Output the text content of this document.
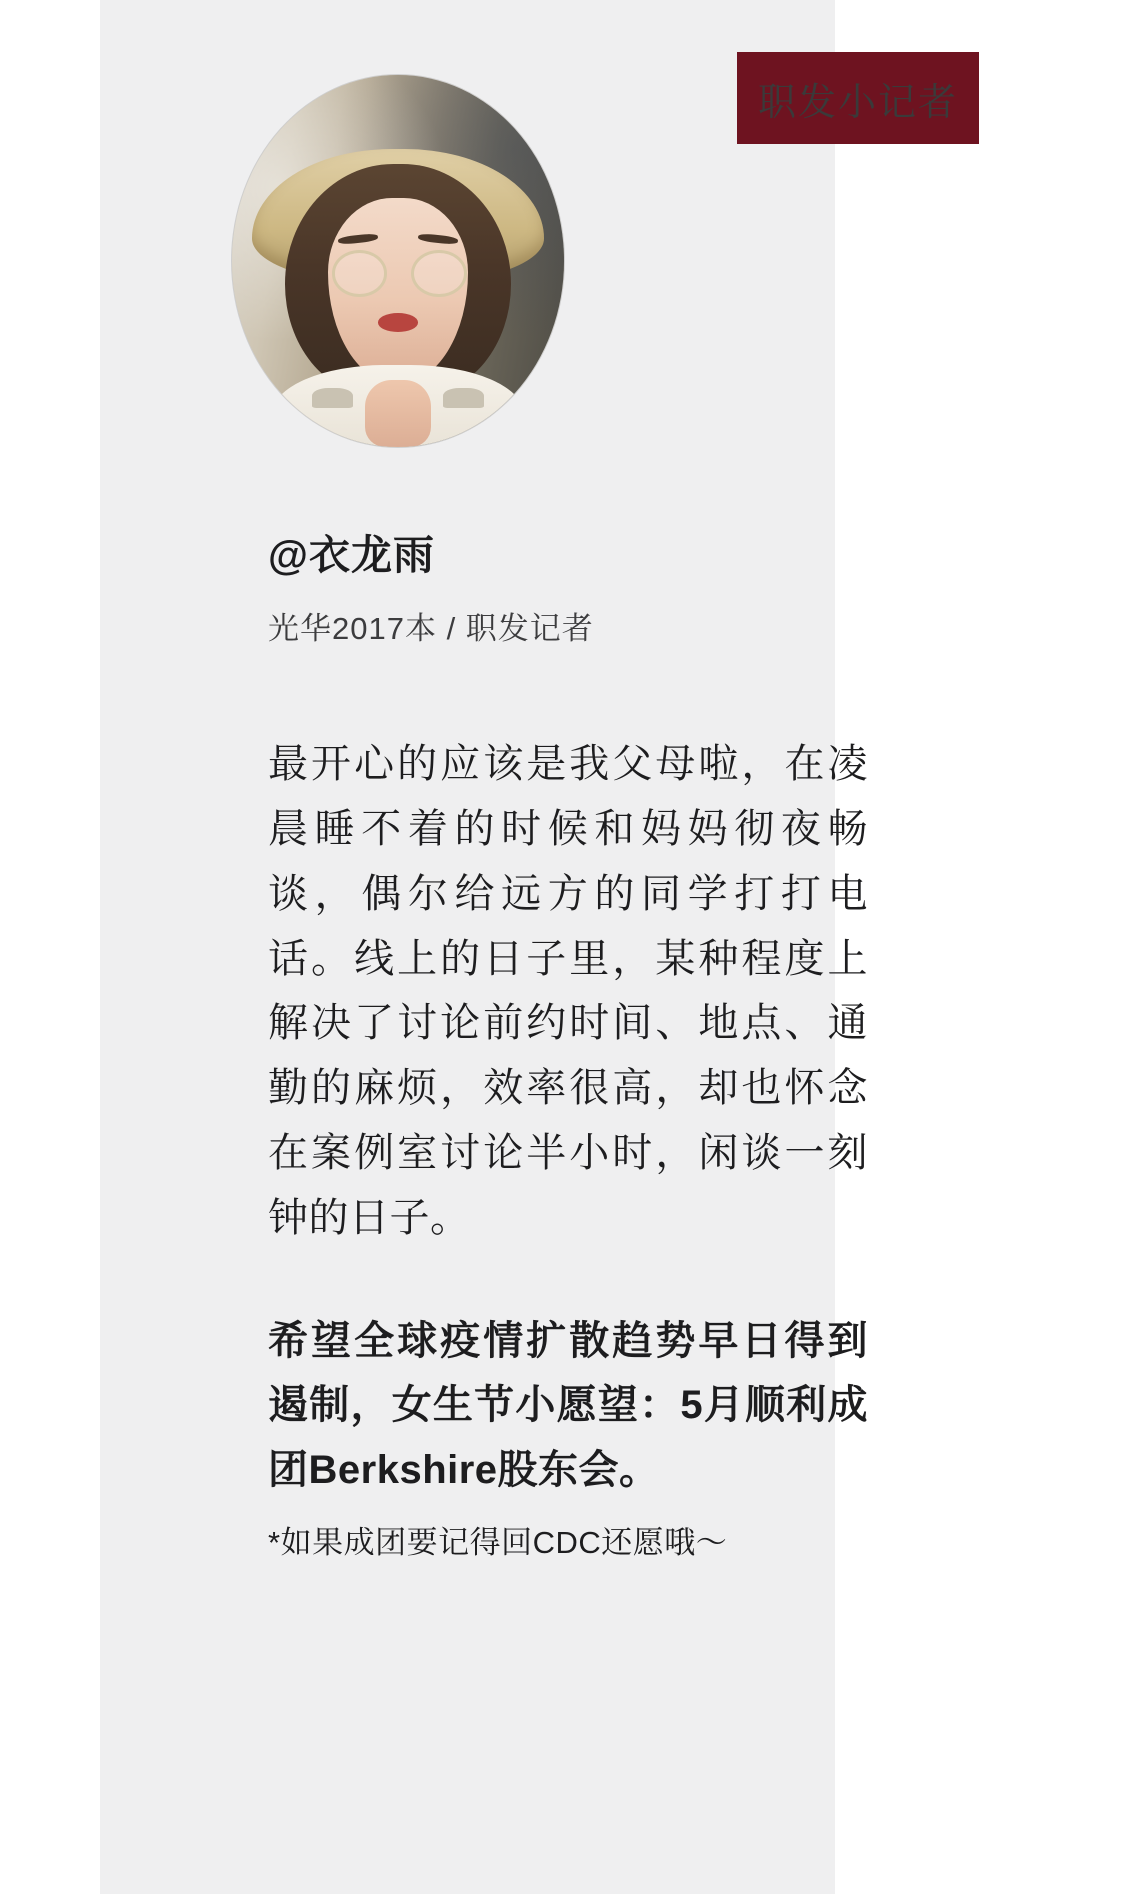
职发小记者
@衣龙雨
光华2017本 / 职发记者

最开心的应该是我父母啦，在凌晨睡不着的时候和妈妈彻夜畅谈，偶尔给远方的同学打打电话。线上的日子里，某种程度上解决了讨论前约时间、地点、通勤的麻烦，效率很高，却也怀念在案例室讨论半小时，闲谈一刻钟的日子。

希望全球疫情扩散趋势早日得到遏制，女生节小愿望：5月顺利成团Berkshire股东会。

*如果成团要记得回CDC还愿哦～
